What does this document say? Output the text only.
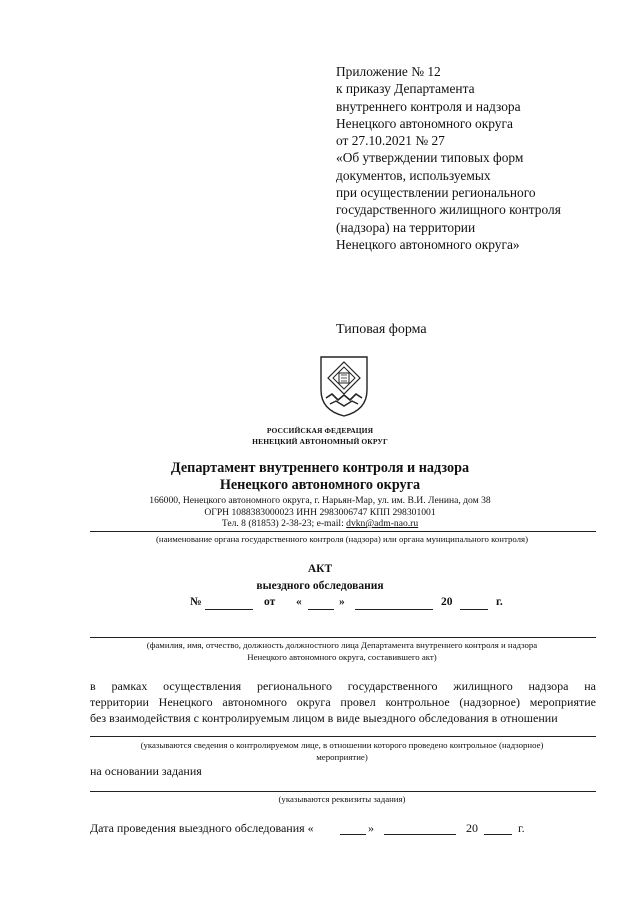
Приложение № 12
к приказу Департамента
внутреннего контроля и надзора
Ненецкого автономного округа
от 27.10.2021 № 27
«Об утверждении типовых форм
документов, используемых
при осуществлении регионального
государственного жилищного контроля
(надзора) на территории
Ненецкого автономного округа»
Типовая форма
РОССИЙСКАЯ ФЕДЕРАЦИЯ
НЕНЕЦКИЙ АВТОНОМНЫЙ ОКРУГ
Департамент внутреннего контроля и надзора
Ненецкого автономного округа
166000, Ненецкого автономного округа, г. Нарьян-Мар, ул. им. В.И. Ленина, дом 38
ОГРН 1088383000023 ИНН 2983006747 КПП 298301001
Тел. 8 (81853) 2-38-23; e-mail: dvkn@adm-nao.ru
(наименование органа государственного контроля (надзора) или органа муниципального контроля)
АКТ
выездного обследования
№	от «	»	20	г.
(фамилия, имя, отчество, должность должностного лица Департамента внутреннего контроля и надзора
Ненецкого автономного округа, составившего акт)
в рамках осуществления регионального государственного жилищного надзора на
территории Ненецкого автономного округа провел контрольное (надзорное) мероприятие
без взаимодействия с контролируемым лицом в виде выездного обследования в отношении
(указываются сведения о контролируемом лице, в отношении которого проведено контрольное (надзорное)
мероприятие)
на основании задания
(указываются реквизиты задания)
Дата проведения выездного обследования «	»	20	г.
